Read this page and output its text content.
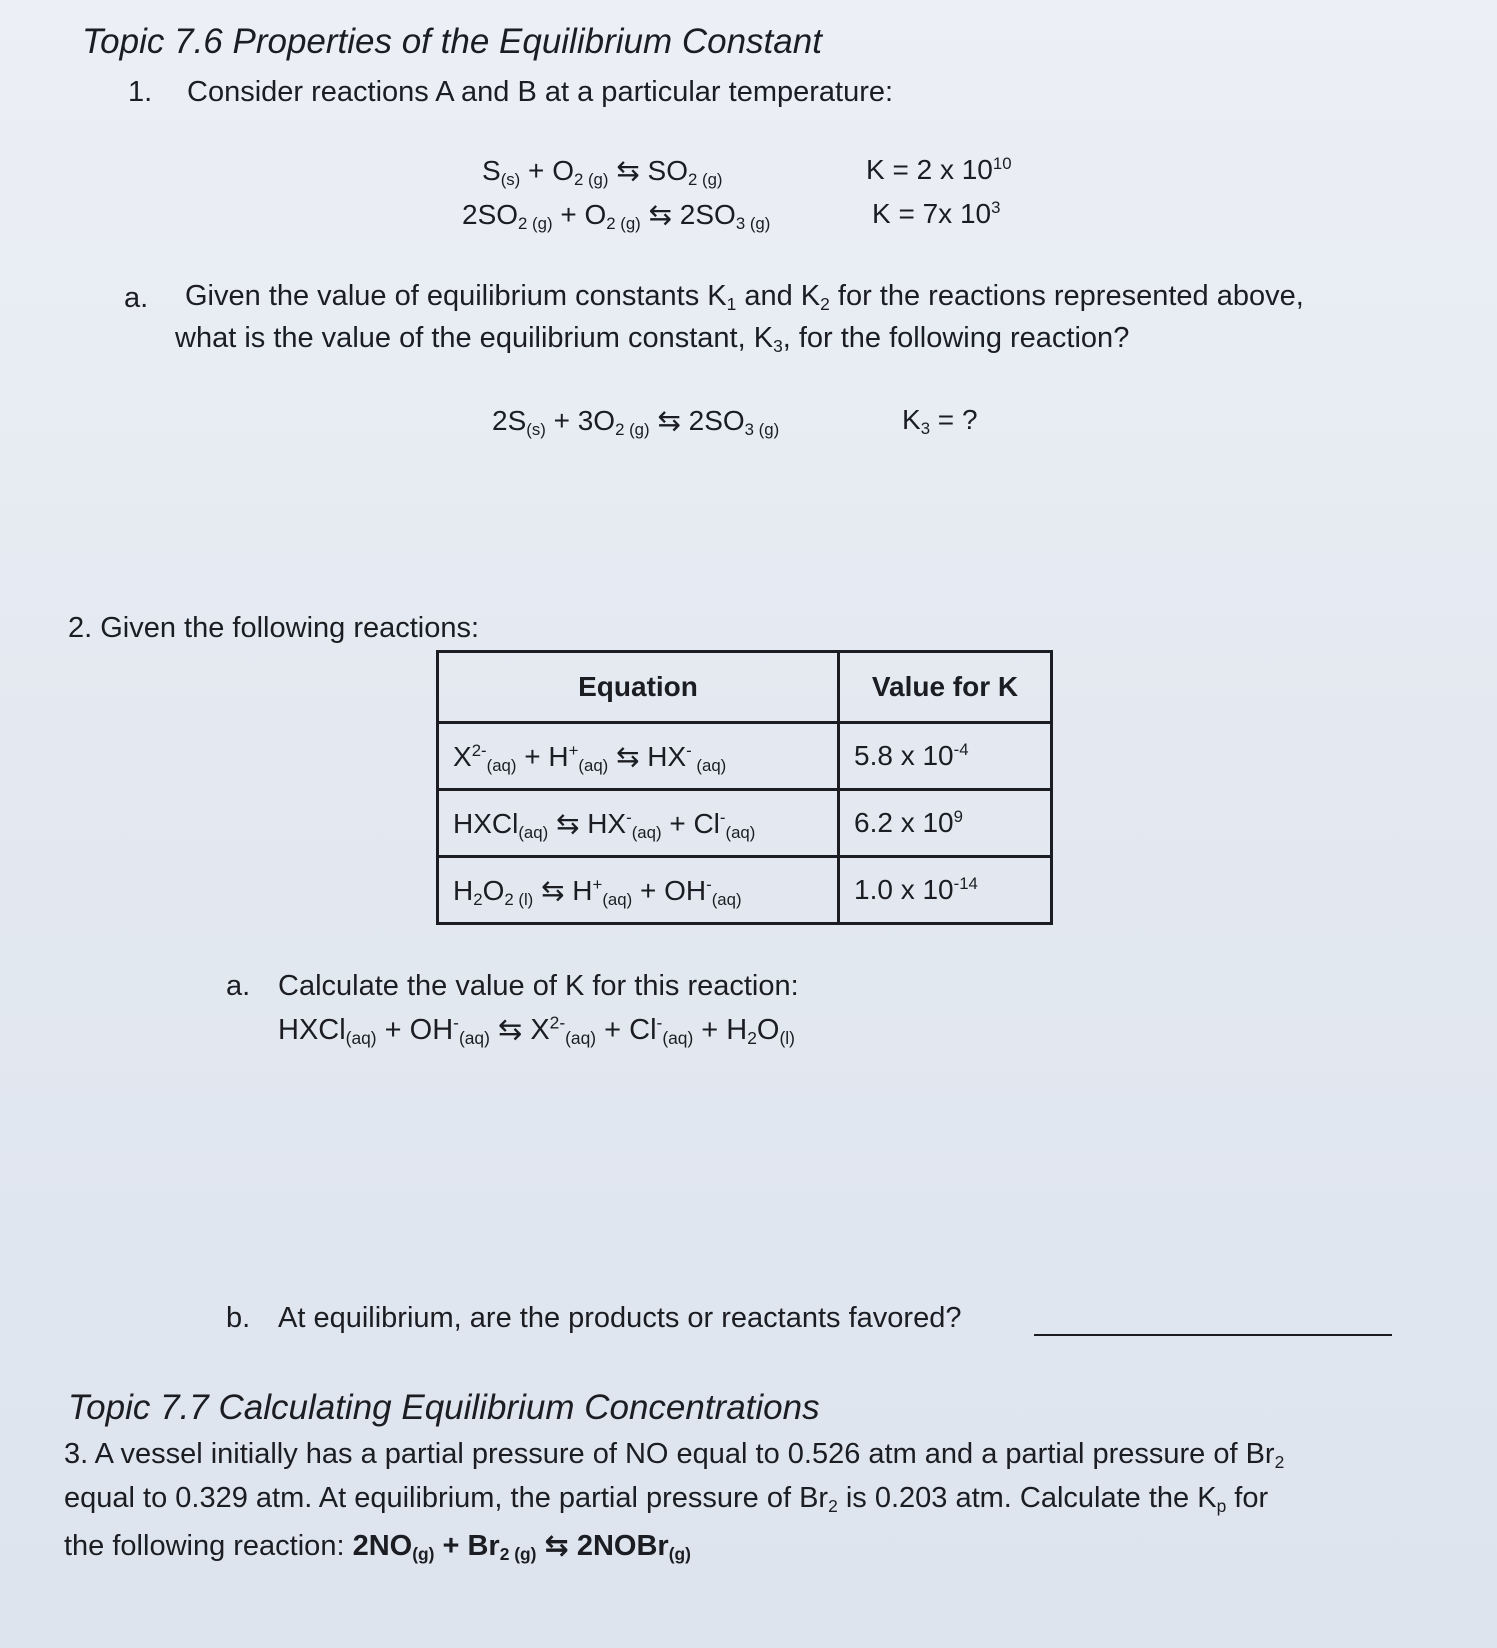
Topic 7.6 Properties of the Equilibrium Constant
1. Consider reactions A and B at a particular temperature:
$S_{(s)} + O_{2 (g)}$ ⇆ $SO_{2 (g)}$	K = 2 x $10^{10}$
$2SO_{2 (g)} + O_{2 (g)}$ ⇆ $2SO_{3 (g)}$	K = 7x $10^3$
a. Given the value of equilibrium constants $K_1$ and $K_2$ for the reactions represented above,
what is the value of the equilibrium constant, $K_3$, for the following reaction?
$2S_{(s)} + 3O_{2 (g)}$ ⇆ $2SO_{3 (g)}$	$K_3$ = ?
2. Given the following reactions:
Equation	Value for K
$X^{2-}_{(aq)} + H^+_{(aq)}$ ⇆ HX- $_{(aq)}$	5.8 x $10^{-4}$
HXCl$_{(aq)}$ ⇆ $HX^-_{(aq)} + Cl^-_{(aq)}$	6.2 x $10^9$
$H_2O_{2 (l)}$ ⇆ $H^+_{(aq)} + OH^-_{(aq)}$	1.0 x $10^{-14}$
a. Calculate the value of K for this reaction:
HXCl$_{(aq)}$ + $OH^-_{(aq)}$ ⇆ $X^{2-}_{(aq)} + Cl^-_{(aq)} + H_2O_{(l)}$
b. At equilibrium, are the products or reactants favored?
Topic 7.7 Calculating Equilibrium Concentrations
3. A vessel initially has a partial pressure of NO equal to 0.526 atm and a partial pressure of $Br_2$
equal to 0.329 atm. At equilibrium, the partial pressure of $Br_2$ is 0.203 atm. Calculate the $K_p$ for
the following reaction: $2NO_{(g)} + Br_{2 (g)}$ ⇆ 2NOBr$_{(g)}$
